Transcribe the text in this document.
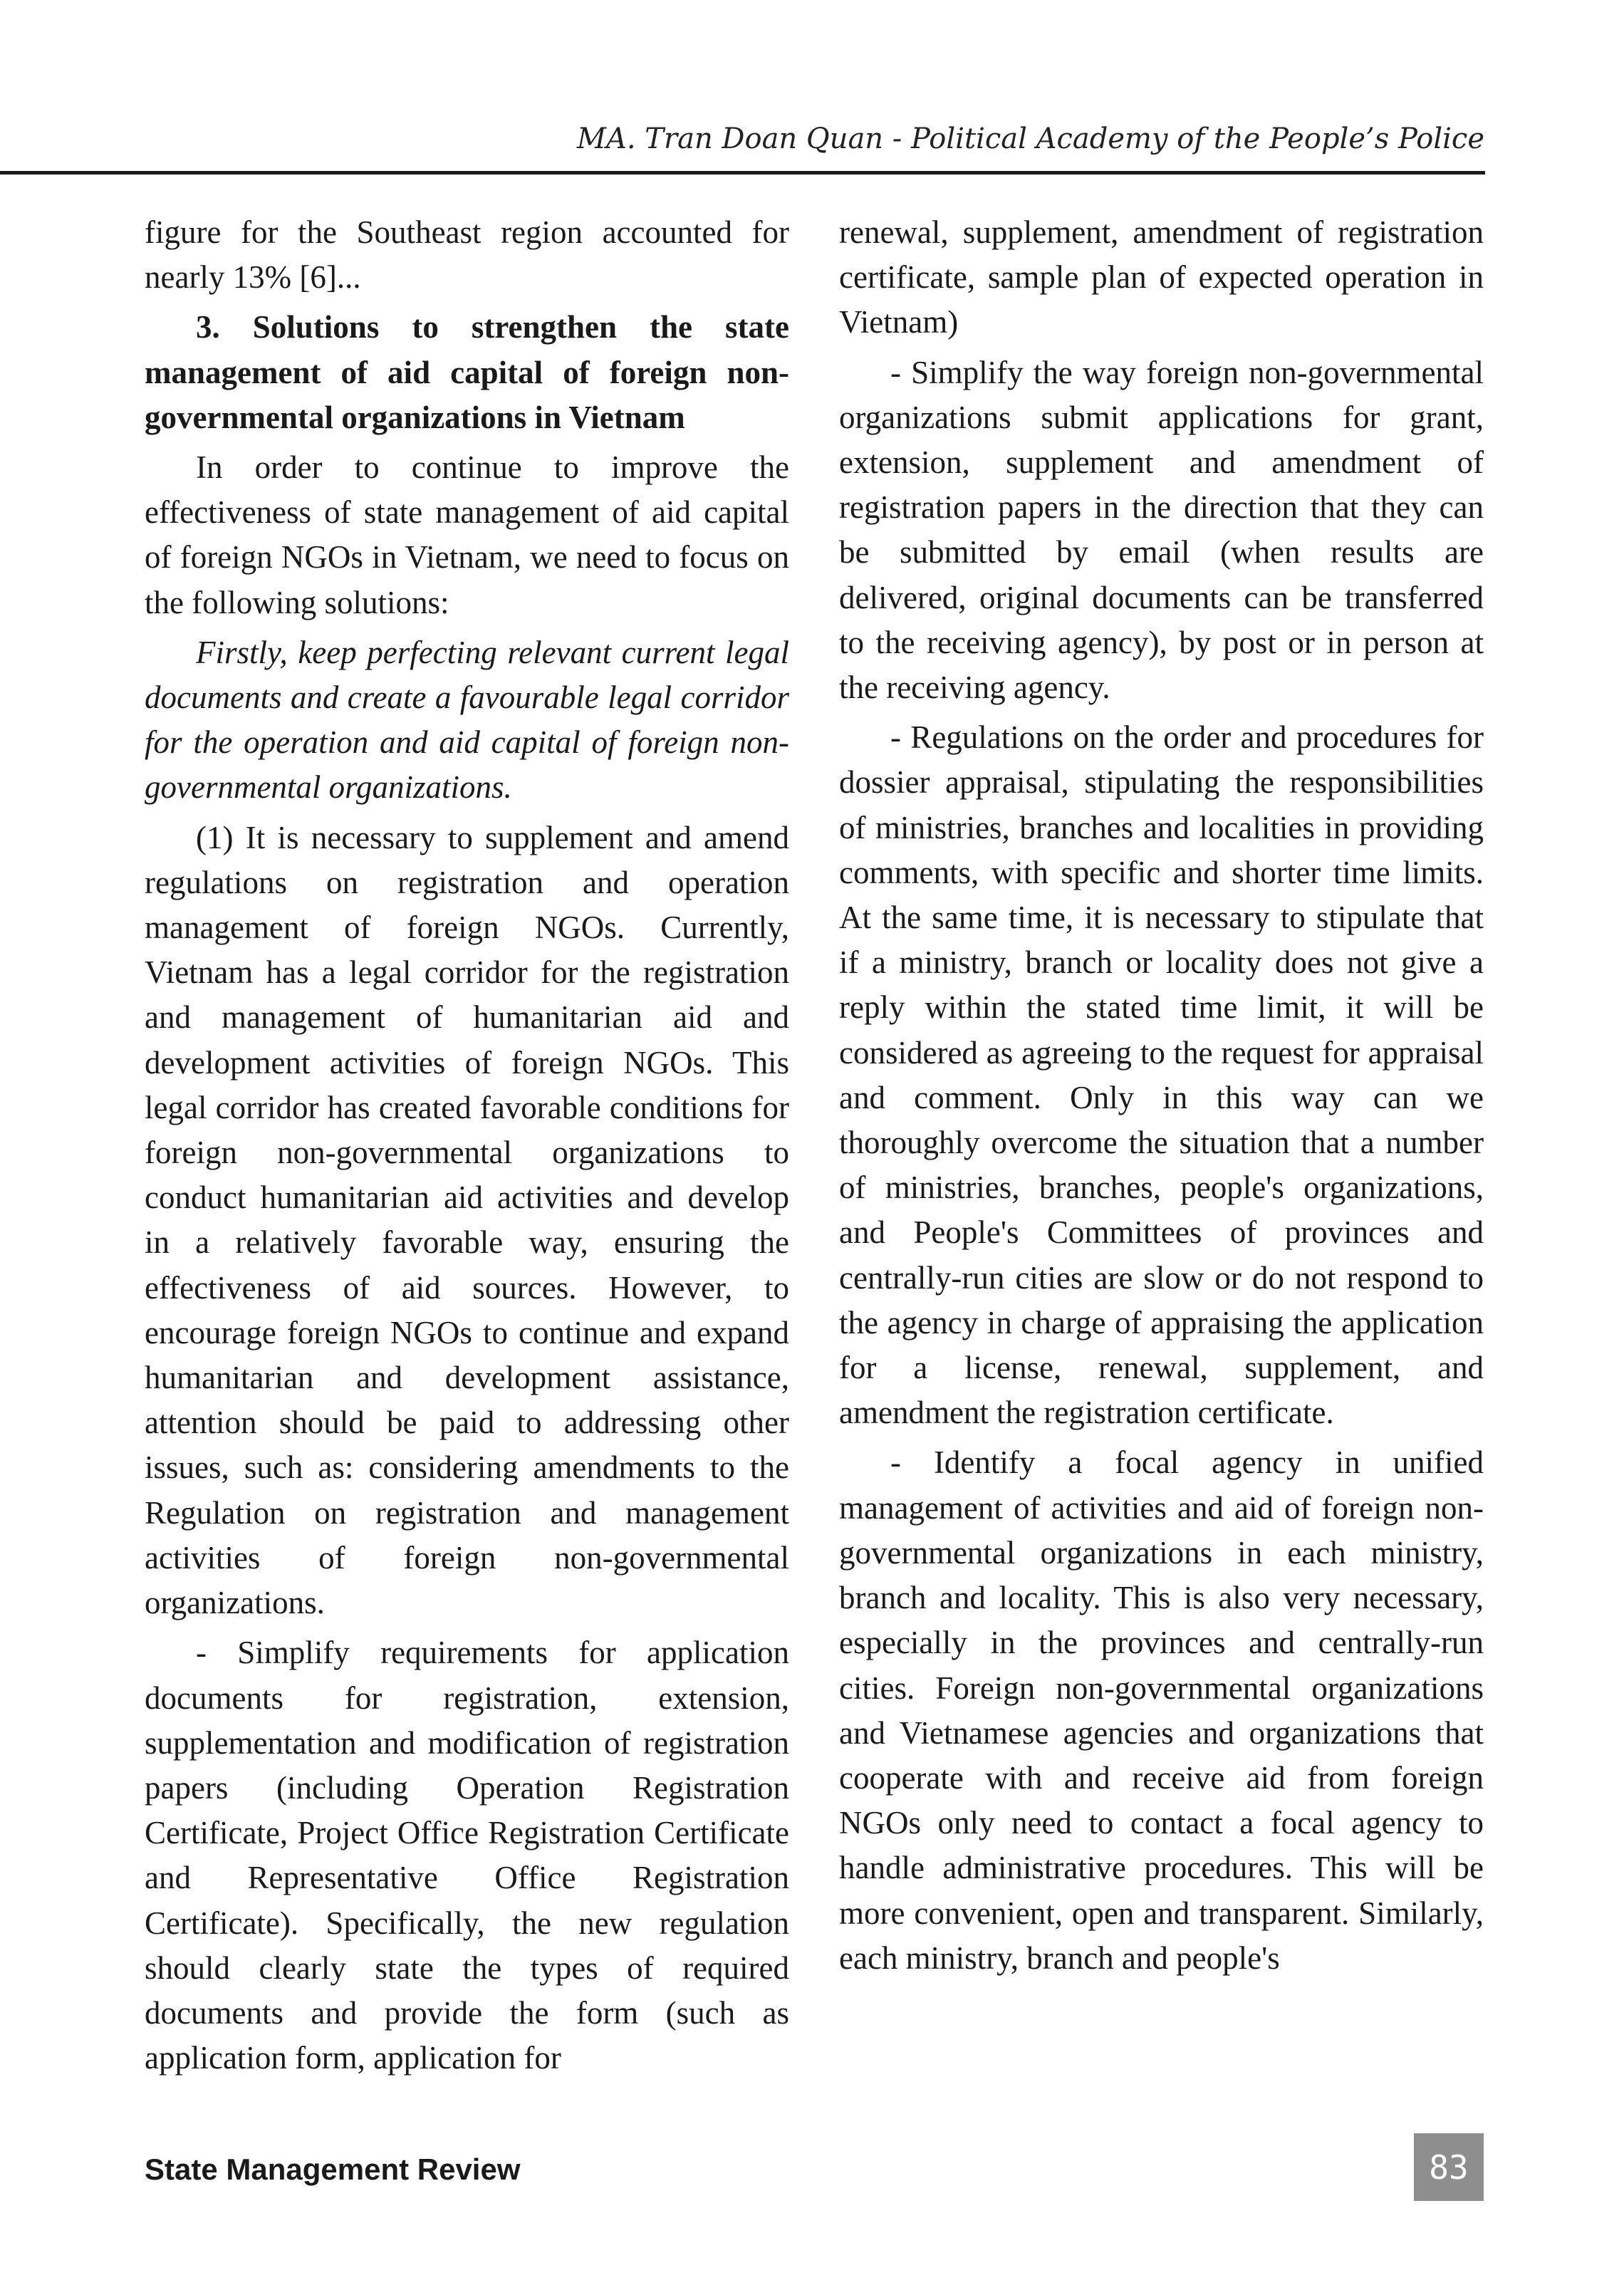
MA. Tran Doan Quan - Political Academy of the People’s Police

figure for the Southeast region accounted for nearly 13% [6]...

3. Solutions to strengthen the state management of aid capital of foreign non-governmental organizations in Vietnam

In order to continue to improve the effectiveness of state management of aid capital of foreign NGOs in Vietnam, we need to focus on the following solutions:

Firstly, keep perfecting relevant current legal documents and create a favourable legal corridor for the operation and aid capital of foreign non-governmental organizations.

(1) It is necessary to supplement and amend regulations on registration and operation management of foreign NGOs. Currently, Vietnam has a legal corridor for the registration and management of humanitarian aid and development activities of foreign NGOs. This legal corridor has created favorable conditions for foreign non-governmental organizations to conduct humanitarian aid activities and develop in a relatively favorable way, ensuring the effectiveness of aid sources. However, to encourage foreign NGOs to continue and expand humanitarian and development assistance, attention should be paid to addressing other issues, such as: considering amendments to the Regulation on registration and management activities of foreign non-governmental organizations.

- Simplify requirements for application documents for registration, extension, supplementation and modification of registration papers (including Operation Registration Certificate, Project Office Registration Certificate and Representative Office Registration Certificate). Specifically, the new regulation should clearly state the types of required documents and provide the form (such as application form, application for

renewal, supplement, amendment of registration certificate, sample plan of expected operation in Vietnam)

- Simplify the way foreign non-governmental organizations submit applications for grant, extension, supplement and amendment of registration papers in the direction that they can be submitted by email (when results are delivered, original documents can be transferred to the receiving agency), by post or in person at the receiving agency.

- Regulations on the order and procedures for dossier appraisal, stipulating the responsibilities of ministries, branches and localities in providing comments, with specific and shorter time limits. At the same time, it is necessary to stipulate that if a ministry, branch or locality does not give a reply within the stated time limit, it will be considered as agreeing to the request for appraisal and comment. Only in this way can we thoroughly overcome the situation that a number of ministries, branches, people's organizations, and People's Committees of provinces and centrally-run cities are slow or do not respond to the agency in charge of appraising the application for a license, renewal, supplement, and amendment the registration certificate.

- Identify a focal agency in unified management of activities and aid of foreign non-governmental organizations in each ministry, branch and locality. This is also very necessary, especially in the provinces and centrally-run cities. Foreign non-governmental organizations and Vietnamese agencies and organizations that cooperate with and receive aid from foreign NGOs only need to contact a focal agency to handle administrative procedures. This will be more convenient, open and transparent. Similarly, each ministry, branch and people's

State Management Review	83
